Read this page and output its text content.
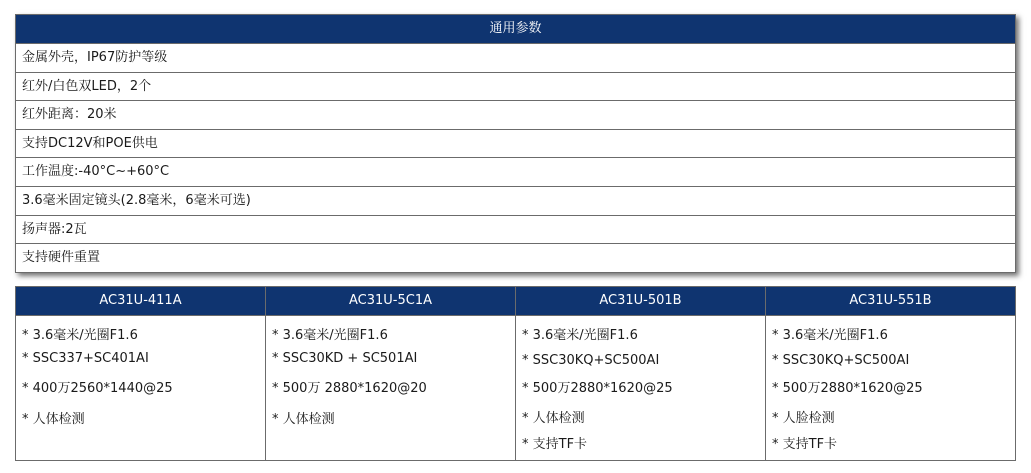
通用参数
金属外壳，IP67防护等级
红外/白色双LED，2个
红外距离：20米
支持DC12V和POE供电
工作温度:-40°C~+60°C
3.6毫米固定镜头(2.8毫米，6毫米可选)
扬声器:2瓦
支持硬件重置
AC31U-411A
* 3.6毫米/光圈F1.6
* SSC337+SC401AI
* 400万2560*1440@25
* 人体检测
AC31U-5C1A
* 3.6毫米/光圈F1.6
* SSC30KD + SC501AI
* 500万 2880*1620@20
* 人体检测
AC31U-501B
* 3.6毫米/光圈F1.6
* SSC30KQ+SC500AI
* 500万2880*1620@25
* 人体检测
* 支持TF卡
AC31U-551B
* 3.6毫米/光圈F1.6
* SSC30KQ+SC500AI
* 500万2880*1620@25
* 人脸检测
* 支持TF卡
